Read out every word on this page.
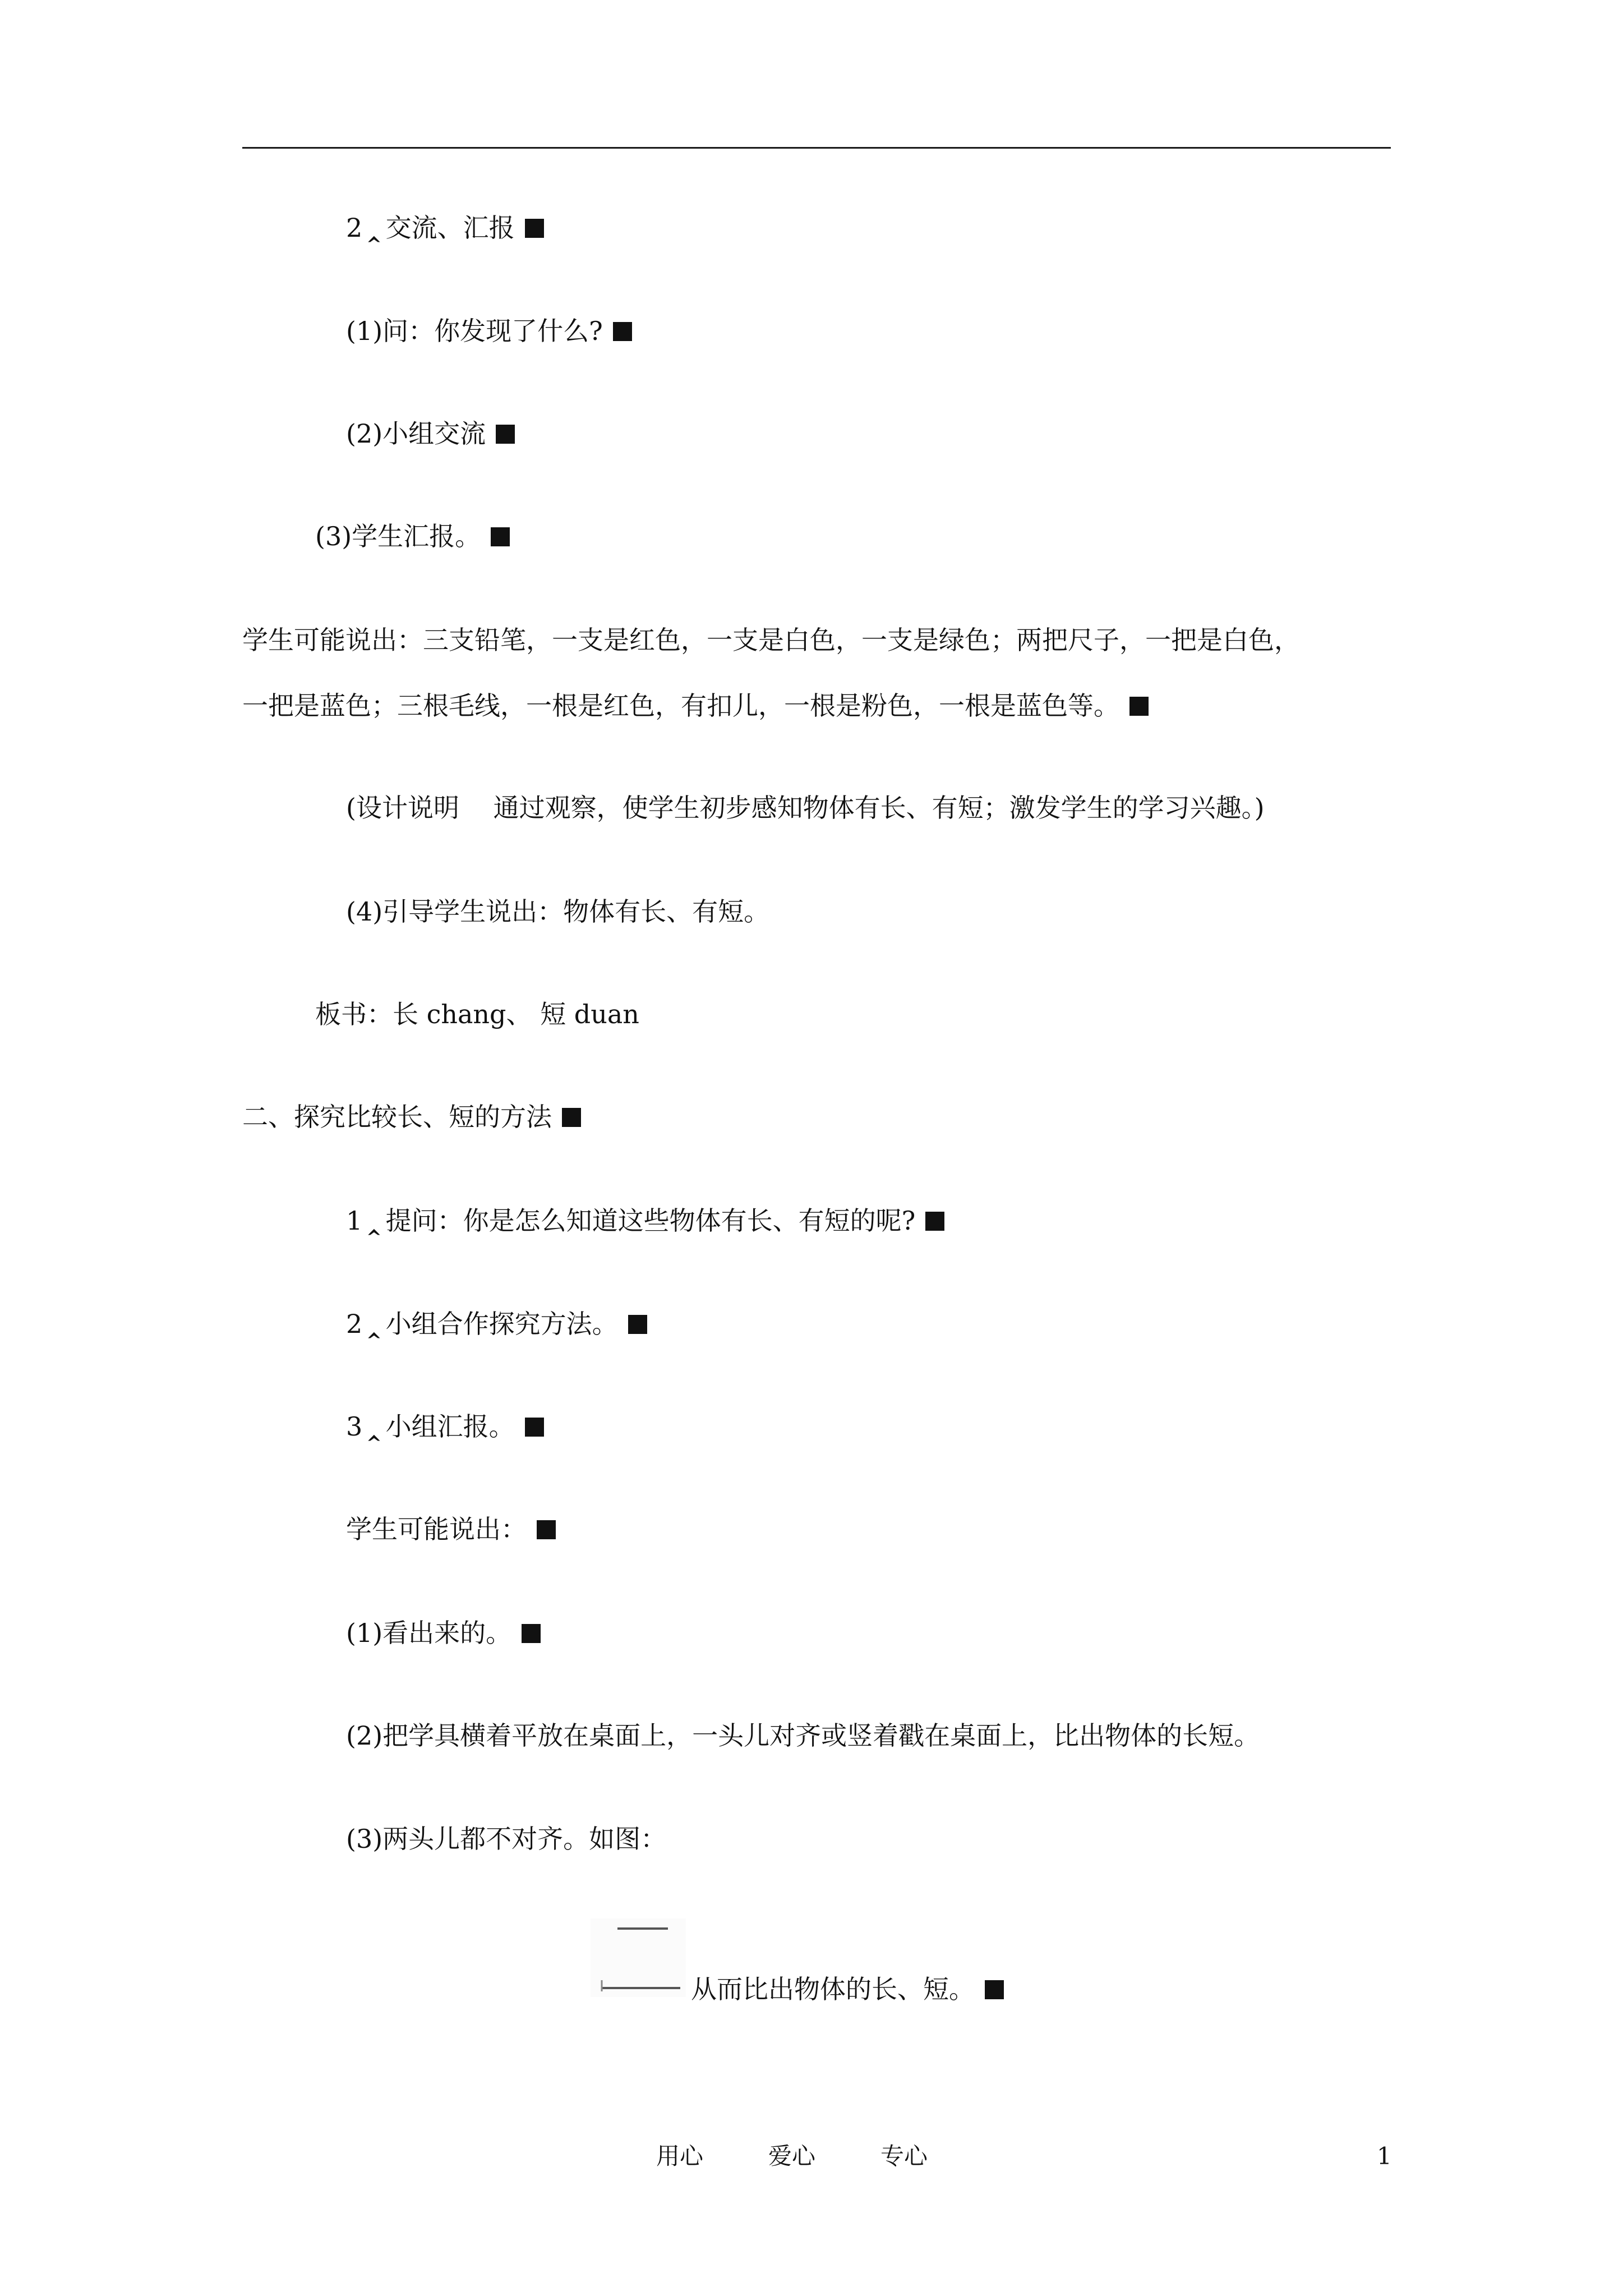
2 ‸ 交流、汇报
(1)问：你发现了什么?
(2)小组交流
(3)学生汇报。
学生可能说出：三支铅笔，一支是红色，一支是白色，一支是绿色；两把尺子，一把是白色，
一把是蓝色；三根毛线，一根是红色，有扣儿，一根是粉色，一根是蓝色等。
(设计说明　 通过观察，使学生初步感知物体有长、有短；激发学生的学习兴趣。)
(4)引导学生说出：物体有长、有短。
板书：长 chang、 短 duan
二、探究比较长、短的方法
1 ‸ 提问：你是怎么知道这些物体有长、有短的呢?
2 ‸ 小组合作探究方法。
3 ‸ 小组汇报。
学生可能说出：
(1)看出来的。
(2)把学具横着平放在桌面上，一头儿对齐或竖着戳在桌面上，比出物体的长短。
(3)两头儿都不对齐。如图：
从而比出物体的长、短。
用心	爱心	专心	1
